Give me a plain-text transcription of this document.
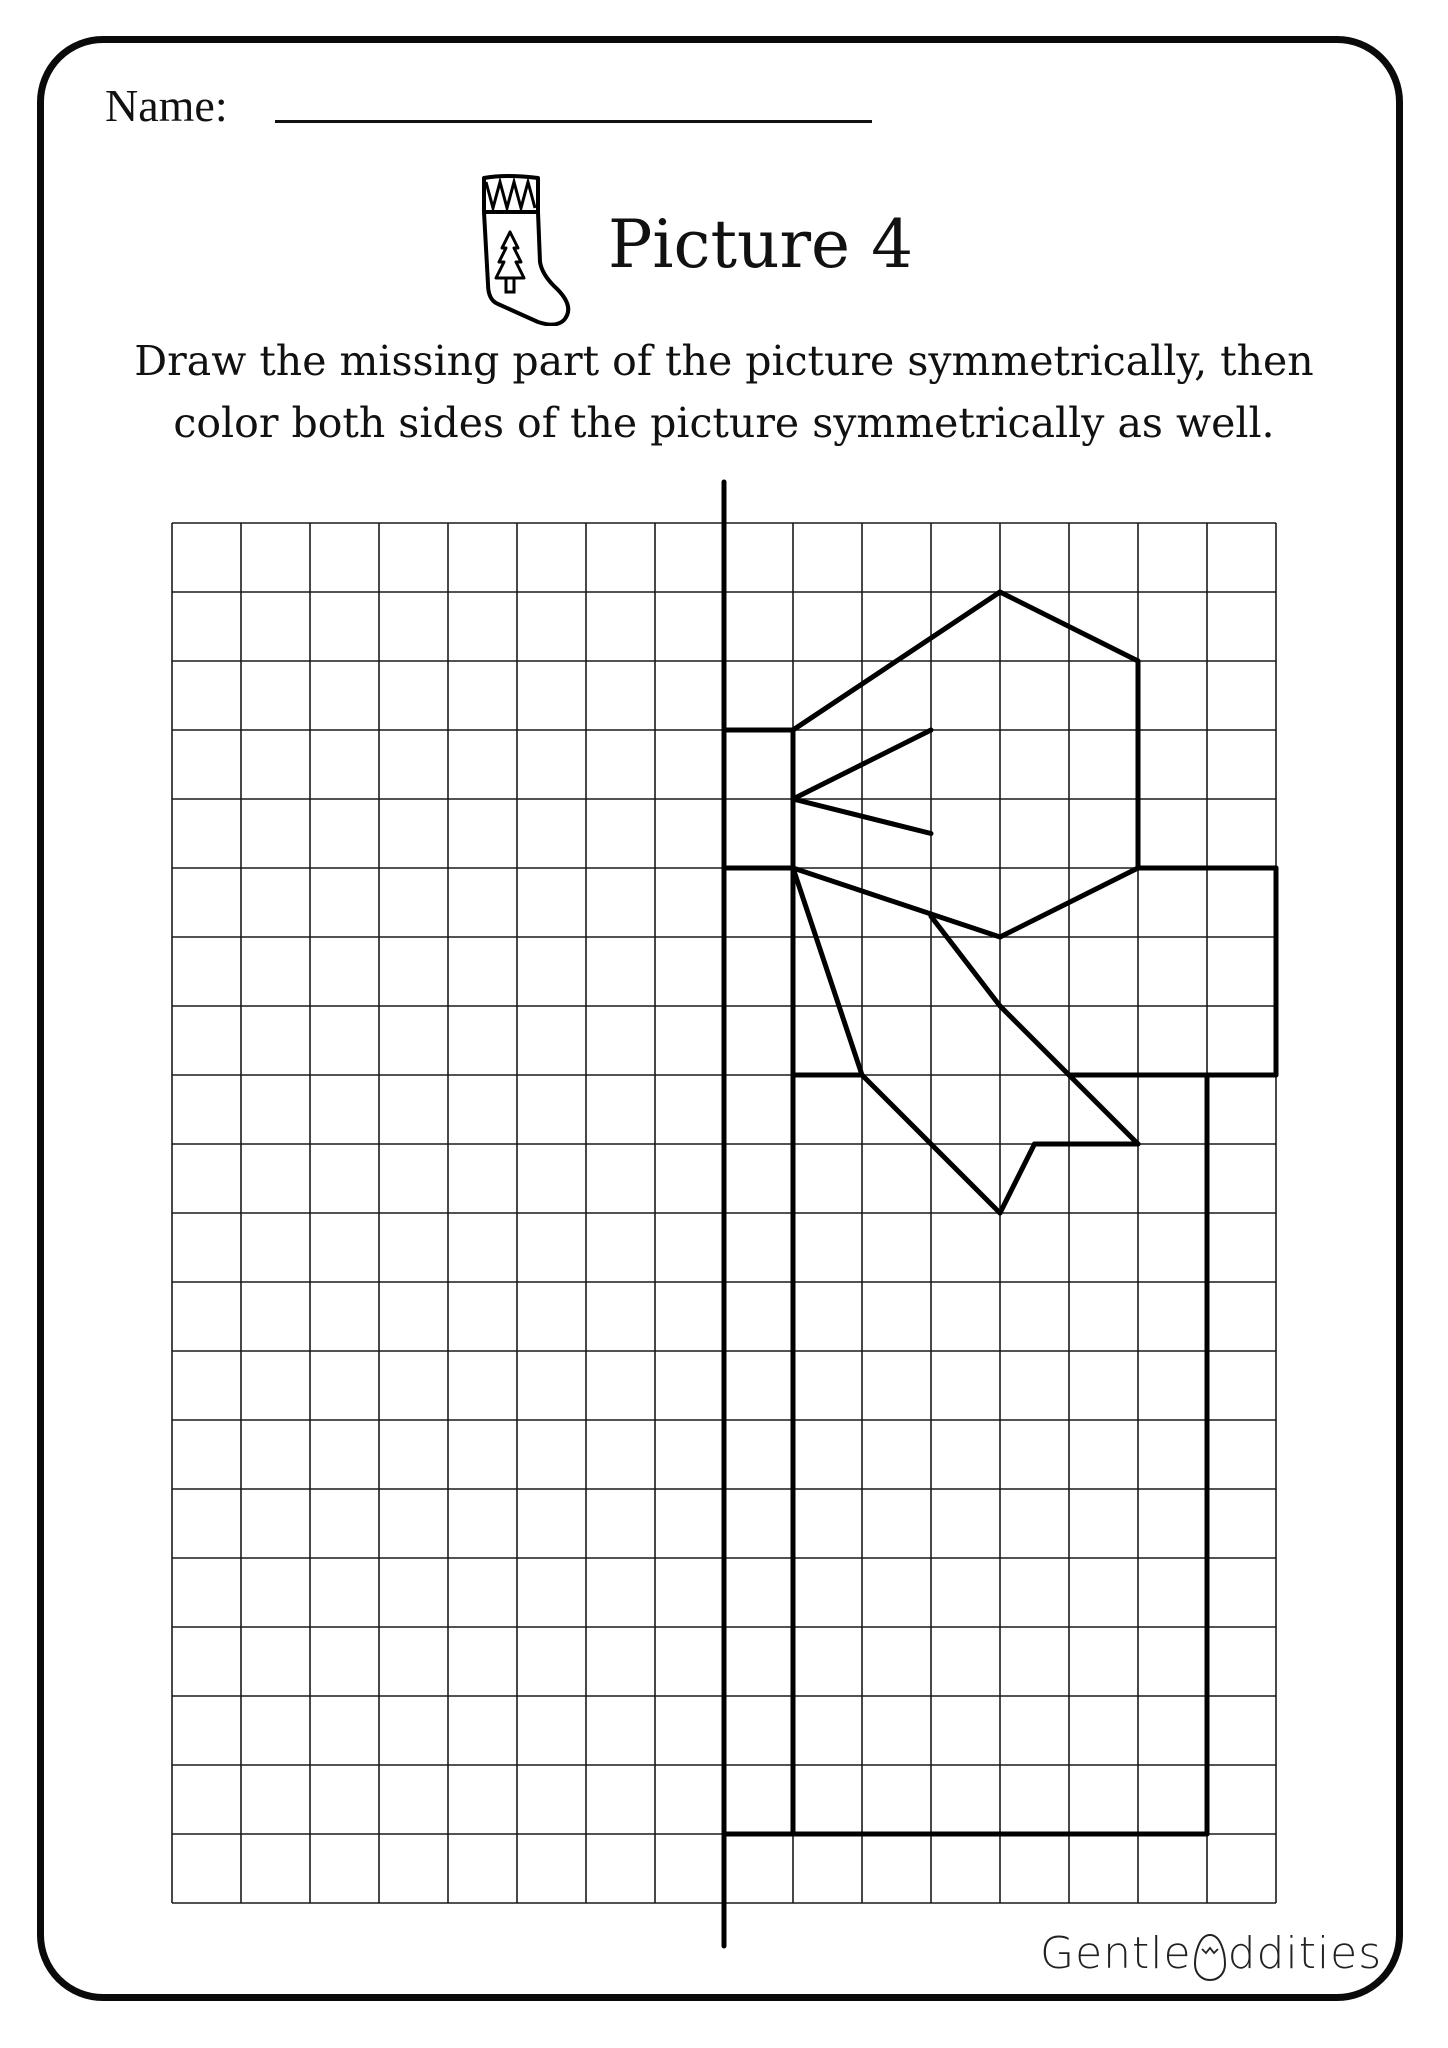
Name:
Picture 4
Draw the missing part of the picture symmetrically, then
color both sides of the picture symmetrically as well.
Gentle ddities
